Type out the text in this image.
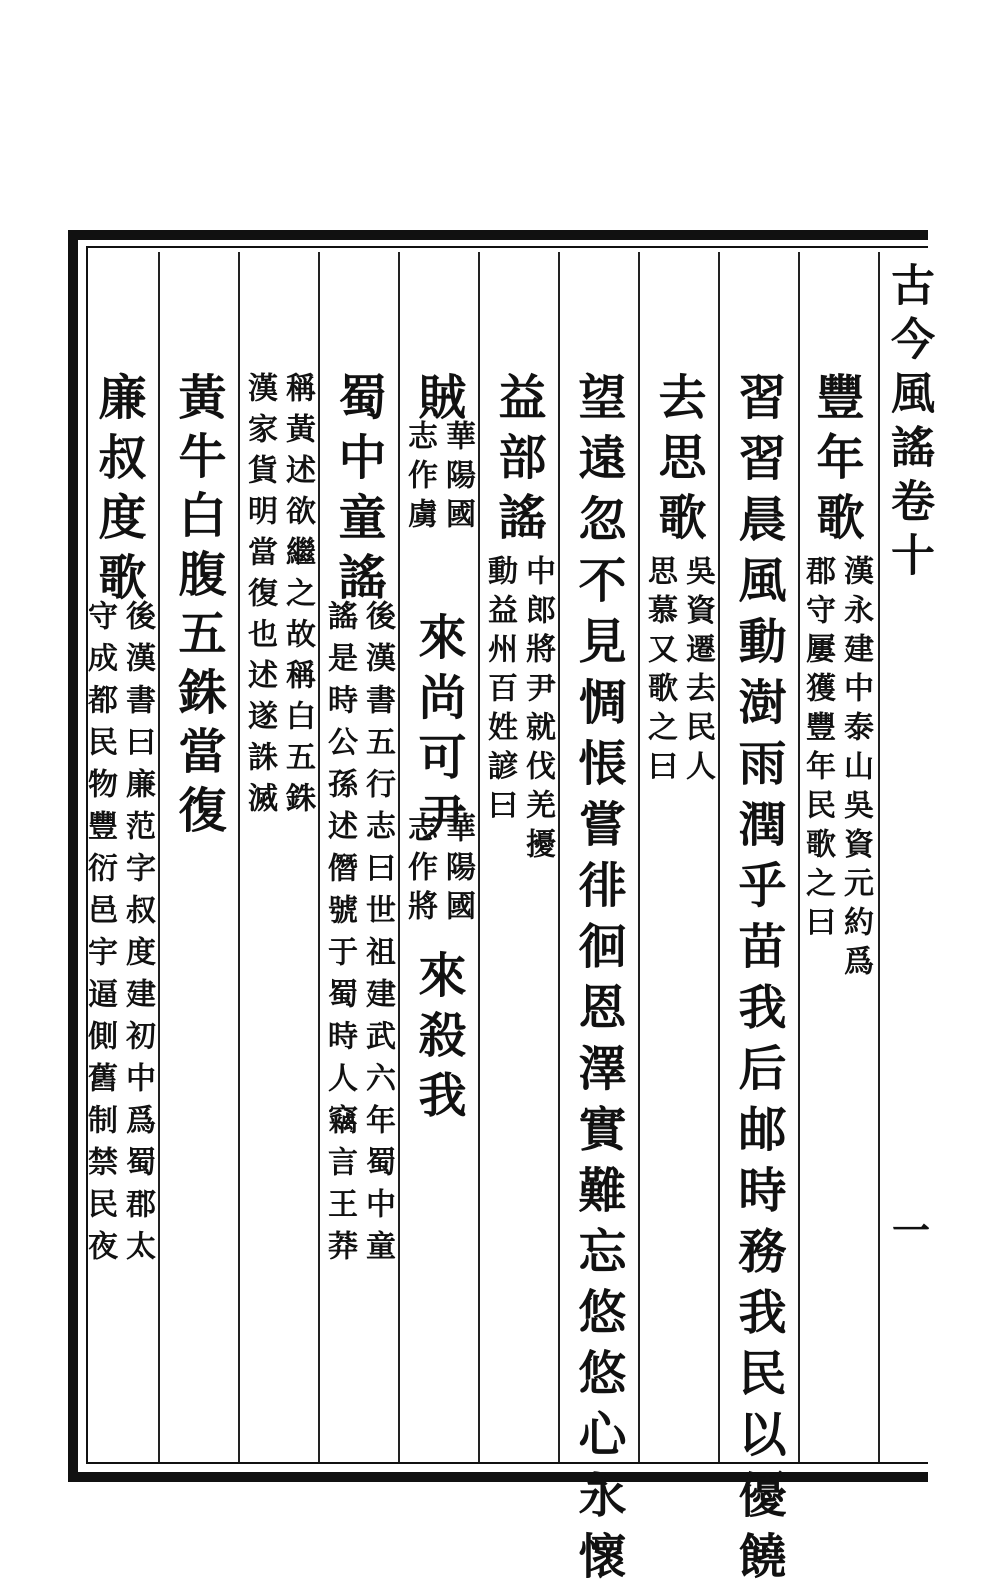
古今風謠卷十
豐年歌
漢永建中泰山吳資元約爲
郡守屢獲豐年民歌之曰
習習晨風動澍雨潤乎苗我后邮時務我民以優饒
去思歌
吳資遷去民人
思慕又歌之曰
望遠忽不見惆悵嘗徘徊恩澤實難忘悠悠心永懷
益部謠
中郎將尹就伐羌擾
動益州百姓諺曰
賊
華陽國
志作虜
來尚可尹
華陽國
志作將
來殺我
蜀中童謠
後漢書五行志曰世祖建武六年蜀中童
謠是時公孫述僭號于蜀時人竊言王莽
稱黃述欲繼之故稱白五銖
漢家貨明當復也述遂誅滅
黃牛白腹五銖當復
廉叔度歌
後漢書曰廉范字叔度建初中爲蜀郡太
守成都民物豐衍邑宇逼側舊制禁民夜	一
